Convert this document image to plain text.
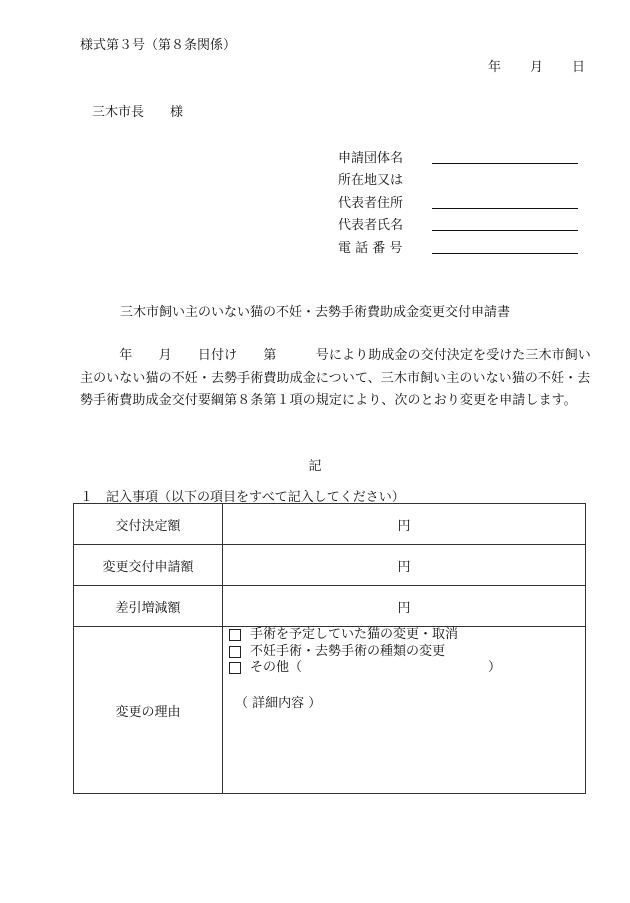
様式第３号（第８条関係）
年 月 日
三木市長　　様
申請団体名
所在地又は
代表者住所
代表者氏名
電 話 番 号
三木市飼い主のいない猫の不妊・去勢手術費助成金変更交付申請書
　　　年　　月　　日付け　　第　　　号により助成金の交付決定を受けた三木市飼い主のいない猫の不妊・去勢手術費助成金について、三木市飼い主のいない猫の不妊・去勢手術費助成金交付要綱第８条第１項の規定により、次のとおり変更を申請します。
記
１　記入事項（以下の項目をすべて記入してください）
交付決定額	円
変更交付申請額	円
差引増減額	円
変更の理由	手術を予定していた猫の変更・取消
不妊手術・去勢手術の種類の変更
その他（ ）
（ 詳細内容 ）
